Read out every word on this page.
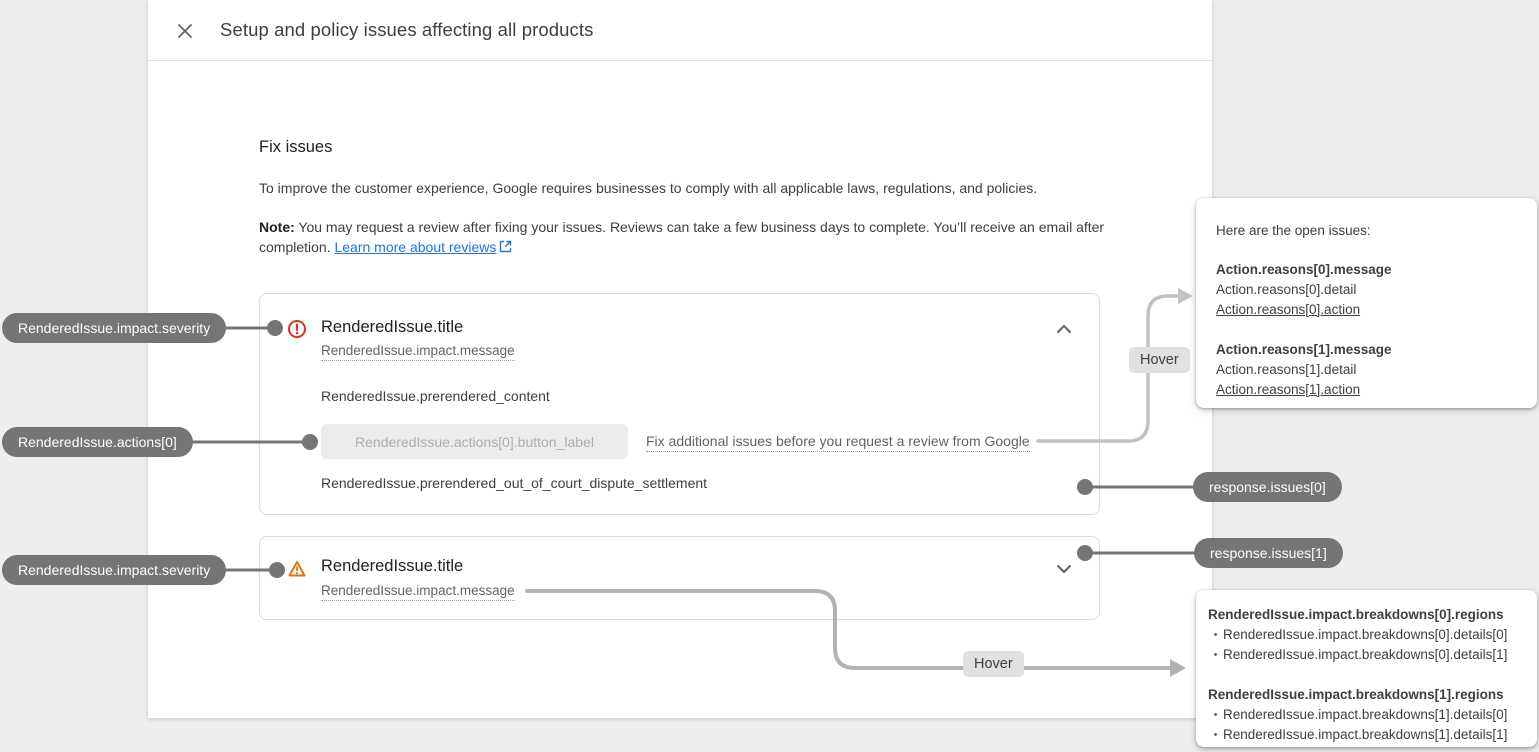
Setup and policy issues affecting all products
Fix issues
To improve the customer experience, Google requires businesses to comply with all applicable laws, regulations, and policies.

Note: You may request a review after fixing your issues. Reviews can take a few business days to complete. You’ll receive an email after completion. Learn more about reviews

RenderedIssue.title
RenderedIssue.impact.message
RenderedIssue.prerendered_content
RenderedIssue.actions[0].button_label	Fix additional issues before you request a review from Google
RenderedIssue.prerendered_out_of_court_dispute_settlement
RenderedIssue.title
RenderedIssue.impact.message
RenderedIssue.impact.severity
RenderedIssue.actions[0]
RenderedIssue.impact.severity
response.issues[0]
response.issues[1]
Hover
Hover
Here are the open issues:
Action.reasons[0].message
Action.reasons[0].detail
Action.reasons[0].action
Action.reasons[1].message
Action.reasons[1].detail
Action.reasons[1].action
RenderedIssue.impact.breakdowns[0].regions
• RenderedIssue.impact.breakdowns[0].details[0]
• RenderedIssue.impact.breakdowns[0].details[1]
RenderedIssue.impact.breakdowns[1].regions
• RenderedIssue.impact.breakdowns[1].details[0]
• RenderedIssue.impact.breakdowns[1].details[1]
